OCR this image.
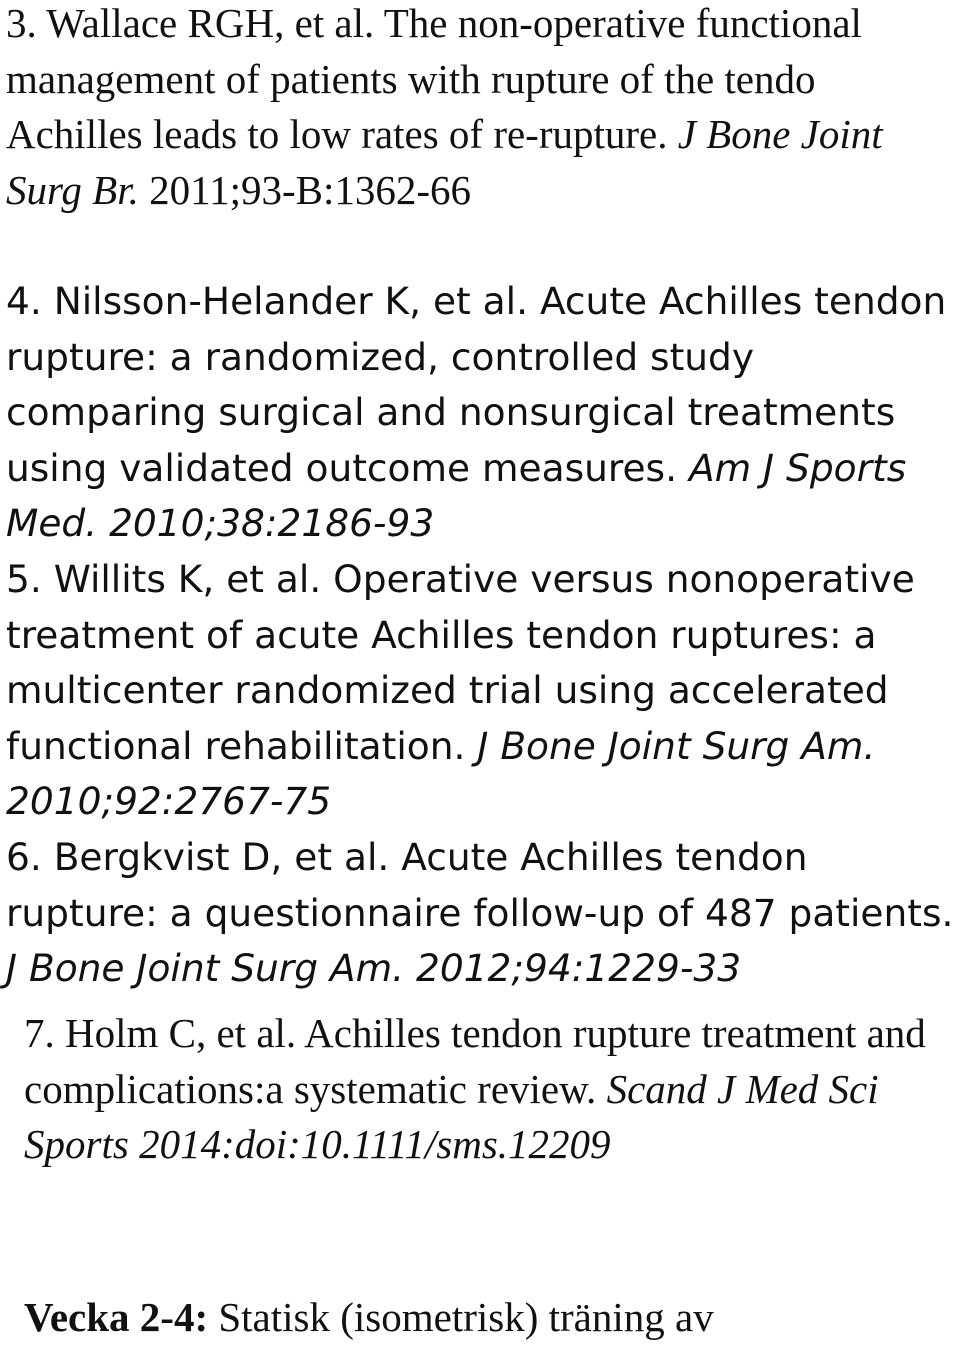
3. Wallace RGH, et al. The non-operative functional management of patients with rupture of the tendo Achilles leads to low rates of re-rupture. J Bone Joint Surg Br. 2011;93-B:1362-66

4. Nilsson-Helander K, et al. Acute Achilles tendon rupture: a randomized, controlled study comparing surgical and nonsurgical treatments using validated outcome measures. Am J Sports Med. 2010;38:2186-93

5. Willits K, et al. Operative versus nonoperative treatment of acute Achilles tendon ruptures: a multicenter randomized trial using accelerated functional rehabilitation. J Bone Joint Surg Am. 2010;92:2767-75

6. Bergkvist D, et al. Acute Achilles tendon rupture: a questionnaire follow-up of 487 patients. J Bone Joint Surg Am. 2012;94:1229-33

7. Holm C, et al. Achilles tendon rupture treatment and complications:a systematic review. Scand J Med Sci Sports 2014:doi:10.1111/sms.12209

Vecka 2-4: Statisk (isometrisk) träning av
